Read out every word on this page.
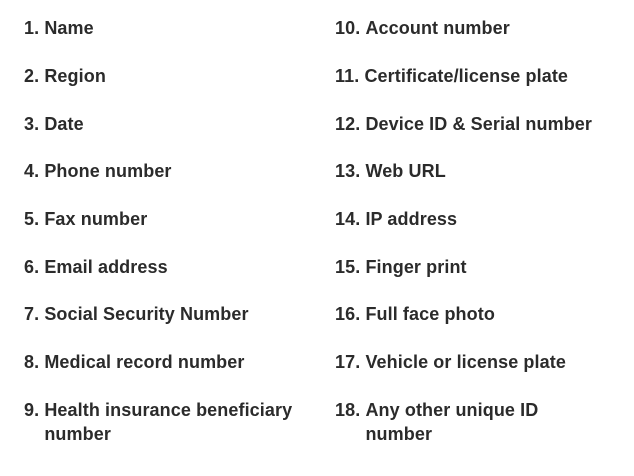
1. Name
2. Region
3. Date
4. Phone number
5. Fax number
6. Email address
7. Social Security Number
8. Medical record number
9. Health insurance beneficiary number
10. Account number
11. Certificate/license plate
12. Device ID & Serial number
13. Web URL
14. IP address
15. Finger print
16. Full face photo
17. Vehicle or license plate
18. Any other unique ID number
